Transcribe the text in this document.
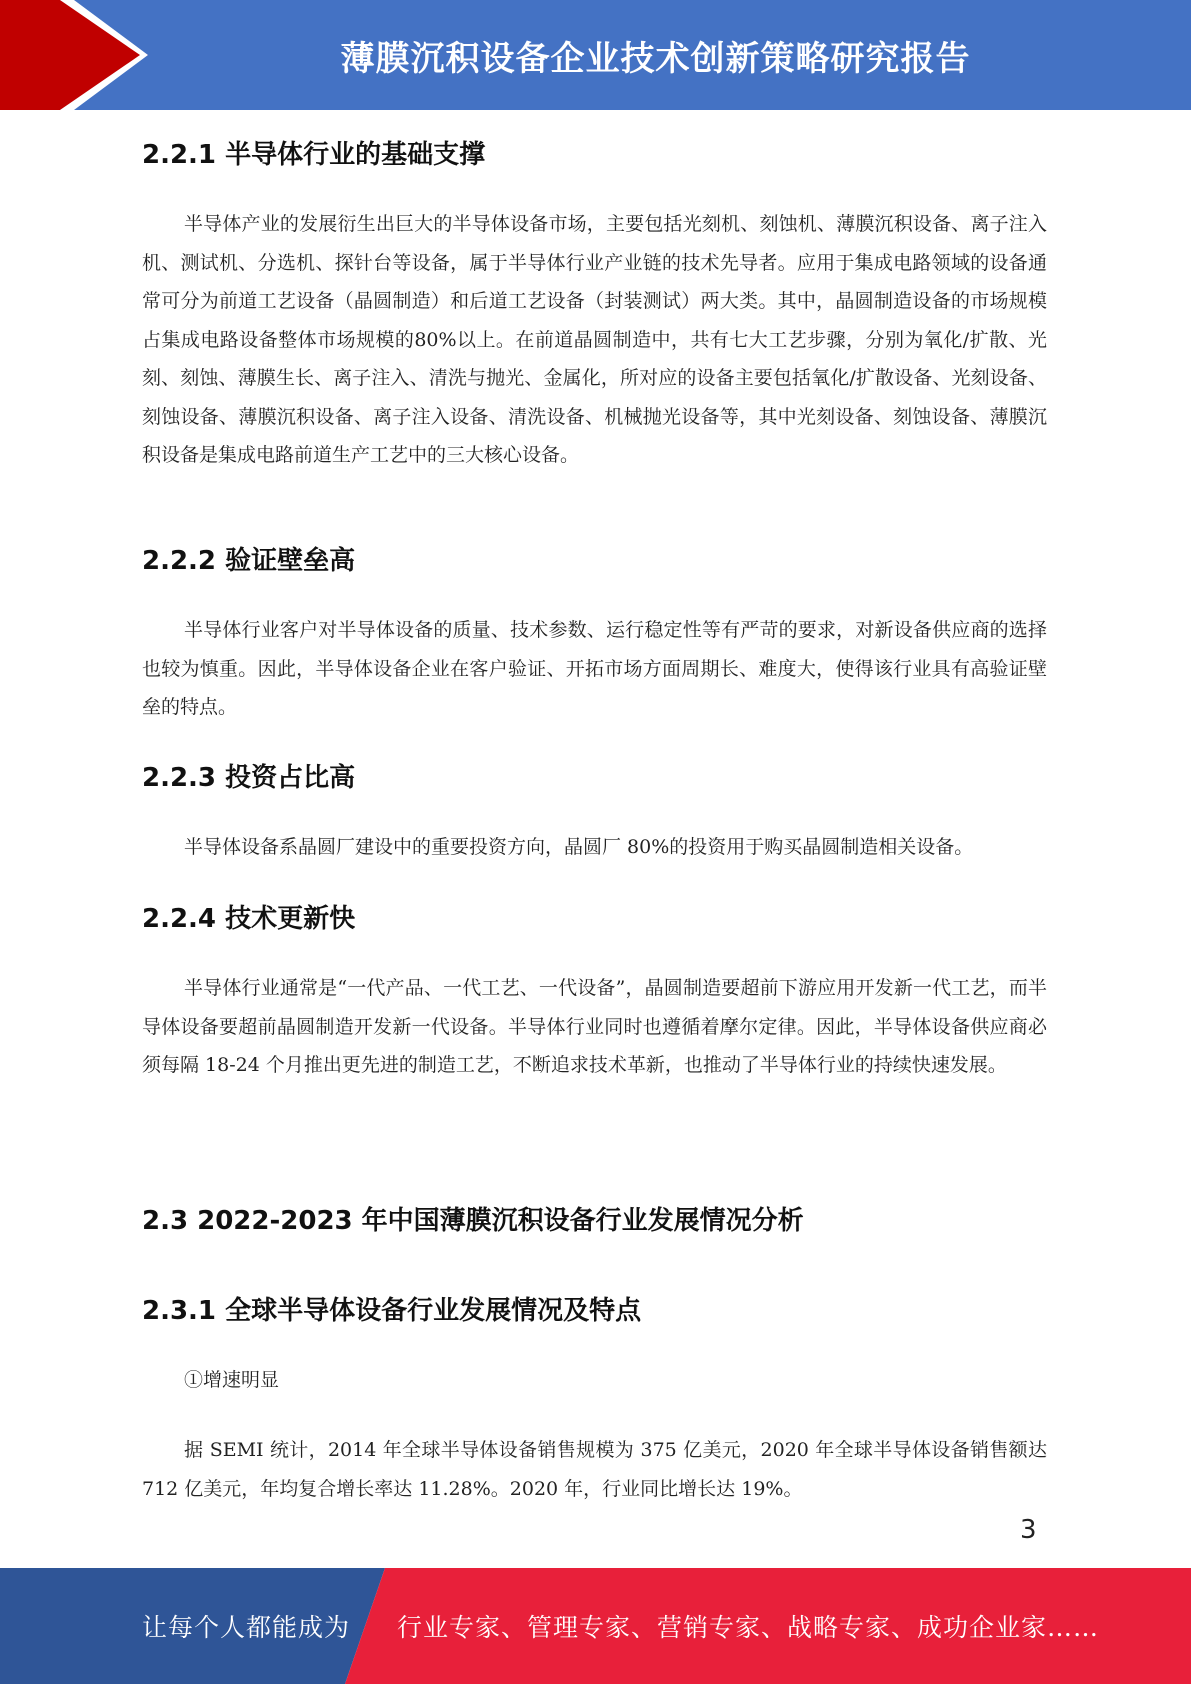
薄膜沉积设备企业技术创新策略研究报告
2.2.1 半导体行业的基础支撑
半导体产业的发展衍生出巨大的半导体设备市场，主要包括光刻机、刻蚀机、薄膜沉积设备、离子注入机、测试机、分选机、探针台等设备，属于半导体行业产业链的技术先导者。应用于集成电路领域的设备通常可分为前道工艺设备（晶圆制造）和后道工艺设备（封装测试）两大类。其中，晶圆制造设备的市场规模占集成电路设备整体市场规模的80%以上。在前道晶圆制造中，共有七大工艺步骤，分别为氧化/扩散、光刻、刻蚀、薄膜生长、离子注入、清洗与抛光、金属化，所对应的设备主要包括氧化/扩散设备、光刻设备、刻蚀设备、薄膜沉积设备、离子注入设备、清洗设备、机械抛光设备等，其中光刻设备、刻蚀设备、薄膜沉积设备是集成电路前道生产工艺中的三大核心设备。
2.2.2 验证壁垒高
半导体行业客户对半导体设备的质量、技术参数、运行稳定性等有严苛的要求，对新设备供应商的选择也较为慎重。因此，半导体设备企业在客户验证、开拓市场方面周期长、难度大，使得该行业具有高验证壁垒的特点。
2.2.3 投资占比高
半导体设备系晶圆厂建设中的重要投资方向，晶圆厂 80%的投资用于购买晶圆制造相关设备。
2.2.4 技术更新快
半导体行业通常是“一代产品、一代工艺、一代设备”，晶圆制造要超前下游应用开发新一代工艺，而半导体设备要超前晶圆制造开发新一代设备。半导体行业同时也遵循着摩尔定律。因此，半导体设备供应商必须每隔 18-24 个月推出更先进的制造工艺，不断追求技术革新，也推动了半导体行业的持续快速发展。
2.3 2022-2023 年中国薄膜沉积设备行业发展情况分析
2.3.1 全球半导体设备行业发展情况及特点
①增速明显
据 SEMI 统计，2014 年全球半导体设备销售规模为 375 亿美元，2020 年全球半导体设备销售额达 712 亿美元，年均复合增长率达 11.28%。2020 年，行业同比增长达 19%。
3
让每个人都能成为 行业专家、管理专家、营销专家、战略专家、成功企业家……
